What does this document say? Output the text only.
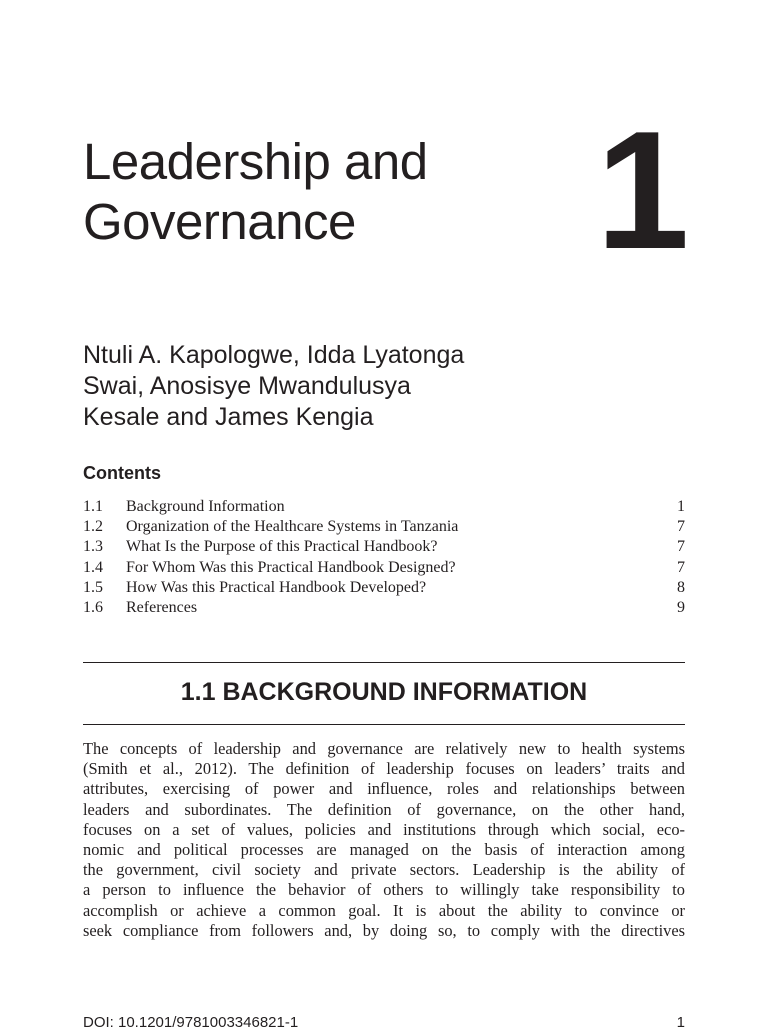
Leadership and
Governance	1
Ntuli A. Kapologwe, Idda Lyatonga
Swai, Anosisye Mwandulusya
Kesale and James Kengia
Contents
1.1	Background Information	1
1.2	Organization of the Healthcare Systems in Tanzania	7
1.3	What Is the Purpose of this Practical Handbook?	7
1.4	For Whom Was this Practical Handbook Designed?	7
1.5	How Was this Practical Handbook Developed?	8
1.6	References	9
1.1 BACKGROUND INFORMATION
The concepts of leadership and governance are relatively new to health systems
(Smith et al., 2012). The definition of leadership focuses on leaders’ traits and
attributes, exercising of power and influence, roles and relationships between
leaders and subordinates. The definition of governance, on the other hand,
focuses on a set of values, policies and institutions through which social, eco-
nomic and political processes are managed on the basis of interaction among
the government, civil society and private sectors. Leadership is the ability of
a person to influence the behavior of others to willingly take responsibility to
accomplish or achieve a common goal. It is about the ability to convince or
seek compliance from followers and, by doing so, to comply with the directives
DOI: 10.1201/9781003346821-1	1
